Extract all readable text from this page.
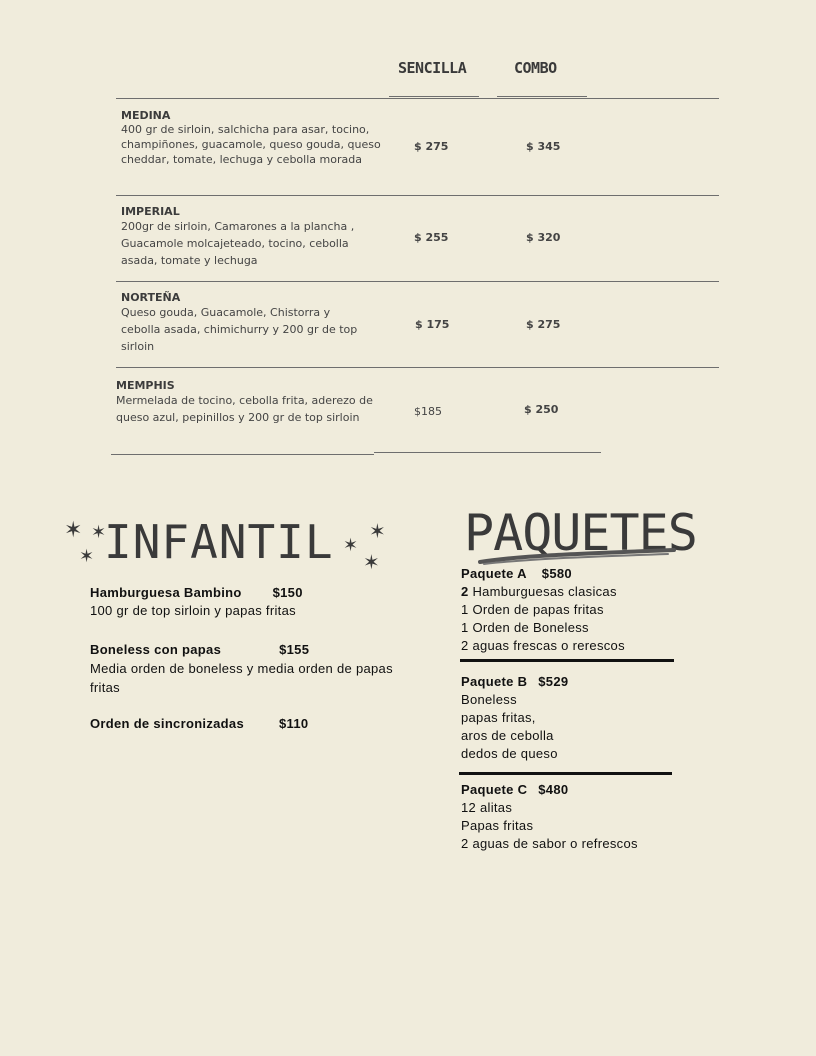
SENCILLA	COMBO
MEDINA
400 gr de sirloin, salchicha para asar, tocino, champiñones, guacamole, queso gouda, queso cheddar, tomate, lechuga y cebolla morada
$ 275	$ 345
IMPERIAL
200gr de sirloin, Camarones a la plancha , Guacamole molcajeteado, tocino, cebolla asada, tomate y lechuga
$ 255	$ 320
NORTEÑA
Queso gouda, Guacamole, Chistorra y cebolla asada, chimichurry y 200 gr de top sirloin
$ 175	$ 275
MEMPHIS
Mermelada de tocino, cebolla frita, aderezo de queso azul, pepinillos y 200 gr de top sirloin	$185	$ 250
✶ ✶
✶ INFANTIL ✶
✶
✶
Hamburguesa Bambino $150
100 gr de top sirloin y papas fritas
Boneless con papas	$155
Media orden de boneless y media orden de papas fritas
Orden de sincronizadas	$110
PAQUETES
Paquete A $580
2 Hamburguesas clasicas
1 Orden de papas fritas
1 Orden de Boneless
2 aguas frescas o rerescos
Paquete B $529
Boneless
papas fritas,
aros de cebolla
dedos de queso
Paquete C $480
12 alitas
Papas fritas
2 aguas de sabor o refrescos
